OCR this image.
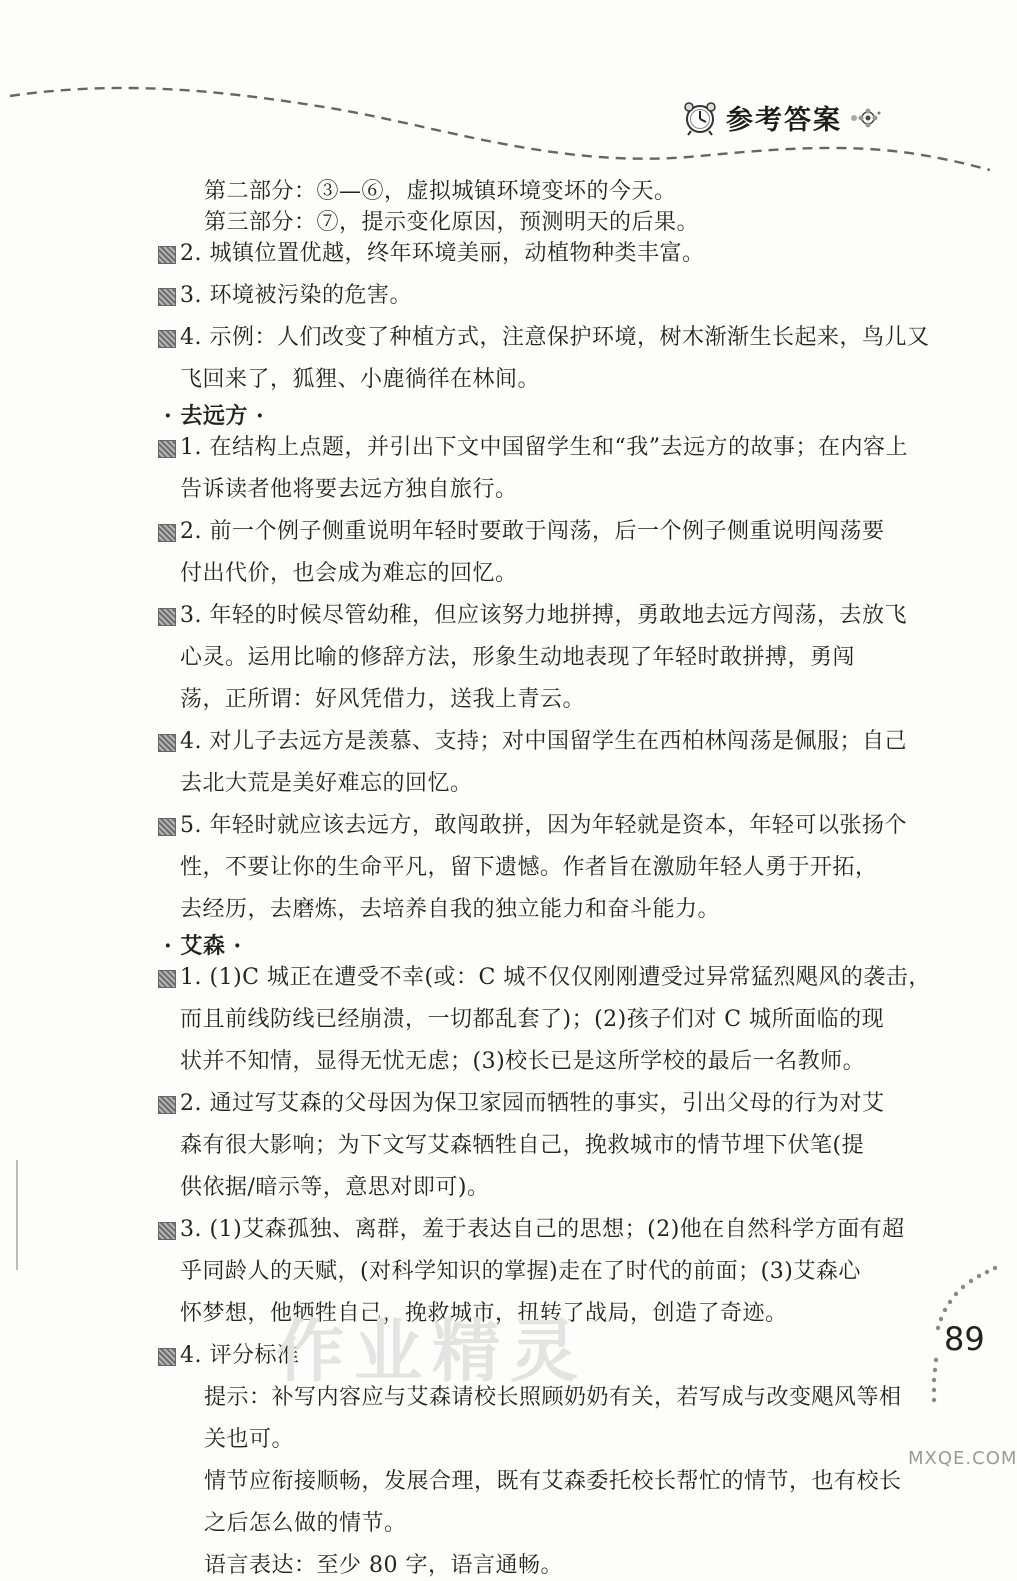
参考答案
第二部分：③—⑥，虚拟城镇环境变坏的今天。
第三部分：⑦，提示变化原因，预测明天的后果。
2. 城镇位置优越，终年环境美丽，动植物种类丰富。
3. 环境被污染的危害。
4. 示例：人们改变了种植方式，注意保护环境，树木渐渐生长起来，鸟儿又
飞回来了，狐狸、小鹿徜徉在林间。
· 去远方 ·
1. 在结构上点题，并引出下文中国留学生和“我”去远方的故事；在内容上
告诉读者他将要去远方独自旅行。
2. 前一个例子侧重说明年轻时要敢于闯荡，后一个例子侧重说明闯荡要
付出代价，也会成为难忘的回忆。
3. 年轻的时候尽管幼稚，但应该努力地拼搏，勇敢地去远方闯荡，去放飞
心灵。运用比喻的修辞方法，形象生动地表现了年轻时敢拼搏，勇闯
荡，正所谓：好风凭借力，送我上青云。
4. 对儿子去远方是羡慕、支持；对中国留学生在西柏林闯荡是佩服；自己
去北大荒是美好难忘的回忆。
5. 年轻时就应该去远方，敢闯敢拼，因为年轻就是资本，年轻可以张扬个
性，不要让你的生命平凡，留下遗憾。作者旨在激励年轻人勇于开拓，
去经历，去磨炼，去培养自我的独立能力和奋斗能力。
· 艾森 ·
1. (1)C 城正在遭受不幸(或：C 城不仅仅刚刚遭受过异常猛烈飓风的袭击，
而且前线防线已经崩溃，一切都乱套了)；(2)孩子们对 C 城所面临的现
状并不知情，显得无忧无虑；(3)校长已是这所学校的最后一名教师。
2. 通过写艾森的父母因为保卫家园而牺牲的事实，引出父母的行为对艾
森有很大影响；为下文写艾森牺牲自己，挽救城市的情节埋下伏笔(提
供依据/暗示等，意思对即可)。
3. (1)艾森孤独、离群，羞于表达自己的思想；(2)他在自然科学方面有超
乎同龄人的天赋，(对科学知识的掌握)走在了时代的前面；(3)艾森心
怀梦想，他牺牲自己，挽救城市，扭转了战局，创造了奇迹。
4. 评分标准
提示：补写内容应与艾森请校长照顾奶奶有关，若写成与改变飓风等相
关也可。
情节应衔接顺畅，发展合理，既有艾森委托校长帮忙的情节，也有校长
之后怎么做的情节。
语言表达：至少 80 字，语言通畅。
作业精灵	89
MXQE.COM
